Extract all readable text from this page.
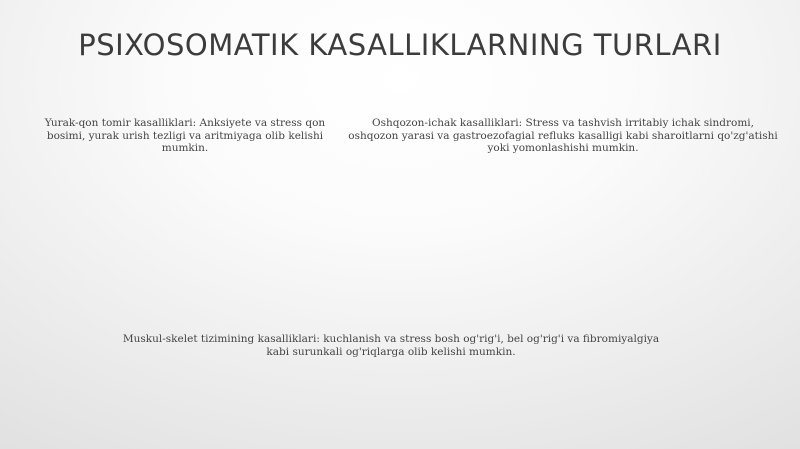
PSIXOSOMATIK KASALLIKLARNING TURLARI

Yurak-qon tomir kasalliklari: Anksiyete va stress qon bosimi, yurak urish tezligi va aritmiyaga olib kelishi mumkin.

Oshqozon-ichak kasalliklari: Stress va tashvish irritabiy ichak sindromi, oshqozon yarasi va gastroezofagial refluks kasalligi kabi sharoitlarni qo'zg'atishi yoki yomonlashishi mumkin.

Muskul-skelet tizimining kasalliklari: kuchlanish va stress bosh og'rig'i, bel og'rig'i va fibromiyalgiya kabi surunkali og'riqlarga olib kelishi mumkin.
